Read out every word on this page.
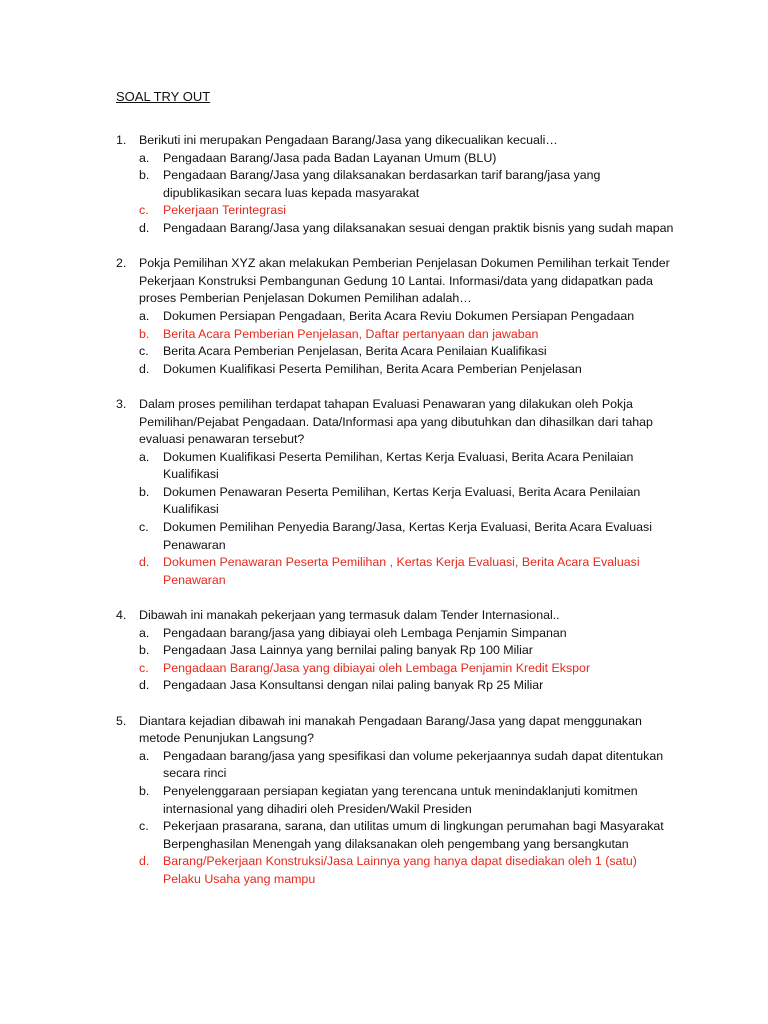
SOAL TRY OUT
1.	Berikuti ini merupakan Pengadaan Barang/Jasa yang dikecualikan kecuali…
a.	Pengadaan Barang/Jasa pada Badan Layanan Umum (BLU)
b.	Pengadaan Barang/Jasa yang dilaksanakan berdasarkan tarif barang/jasa yang dipublikasikan secara luas kepada masyarakat
c.	Pekerjaan Terintegrasi
d.	Pengadaan Barang/Jasa yang dilaksanakan sesuai dengan praktik bisnis yang sudah mapan
2.	Pokja Pemilihan XYZ akan melakukan Pemberian Penjelasan Dokumen Pemilihan terkait Tender Pekerjaan Konstruksi Pembangunan Gedung 10 Lantai. Informasi/data yang didapatkan pada proses Pemberian Penjelasan Dokumen Pemilihan adalah…
a.	Dokumen Persiapan Pengadaan, Berita Acara Reviu Dokumen Persiapan Pengadaan
b.	Berita Acara Pemberian Penjelasan, Daftar pertanyaan dan jawaban
c.	Berita Acara Pemberian Penjelasan, Berita Acara Penilaian Kualifikasi
d.	Dokumen Kualifikasi Peserta Pemilihan, Berita Acara Pemberian Penjelasan
3.	Dalam proses pemilihan terdapat tahapan Evaluasi Penawaran yang dilakukan oleh Pokja Pemilihan/Pejabat Pengadaan. Data/Informasi apa yang dibutuhkan dan dihasilkan dari tahap evaluasi penawaran tersebut?
a.	Dokumen Kualifikasi Peserta Pemilihan, Kertas Kerja Evaluasi, Berita Acara Penilaian Kualifikasi
b.	Dokumen Penawaran Peserta Pemilihan, Kertas Kerja Evaluasi, Berita Acara Penilaian Kualifikasi
c.	Dokumen Pemilihan Penyedia Barang/Jasa, Kertas Kerja Evaluasi, Berita Acara Evaluasi Penawaran
d.	Dokumen Penawaran Peserta Pemilihan , Kertas Kerja Evaluasi, Berita Acara Evaluasi Penawaran
4.	Dibawah ini manakah pekerjaan yang termasuk dalam Tender Internasional..
a.	Pengadaan barang/jasa yang dibiayai oleh Lembaga Penjamin Simpanan
b.	Pengadaan Jasa Lainnya yang bernilai paling banyak Rp 100 Miliar
c.	Pengadaan Barang/Jasa yang dibiayai oleh Lembaga Penjamin Kredit Ekspor
d.	Pengadaan Jasa Konsultansi dengan nilai paling banyak Rp 25 Miliar
5.	Diantara kejadian dibawah ini manakah Pengadaan Barang/Jasa yang dapat menggunakan metode Penunjukan Langsung?
a.	Pengadaan barang/jasa yang spesifikasi dan volume pekerjaannya sudah dapat ditentukan secara rinci
b.	Penyelenggaraan persiapan kegiatan yang terencana untuk menindaklanjuti komitmen internasional yang dihadiri oleh Presiden/Wakil Presiden
c.	Pekerjaan prasarana, sarana, dan utilitas umum di lingkungan perumahan bagi Masyarakat Berpenghasilan Menengah yang dilaksanakan oleh pengembang yang bersangkutan
d.	Barang/Pekerjaan Konstruksi/Jasa Lainnya yang hanya dapat disediakan oleh 1 (satu) Pelaku Usaha yang mampu
